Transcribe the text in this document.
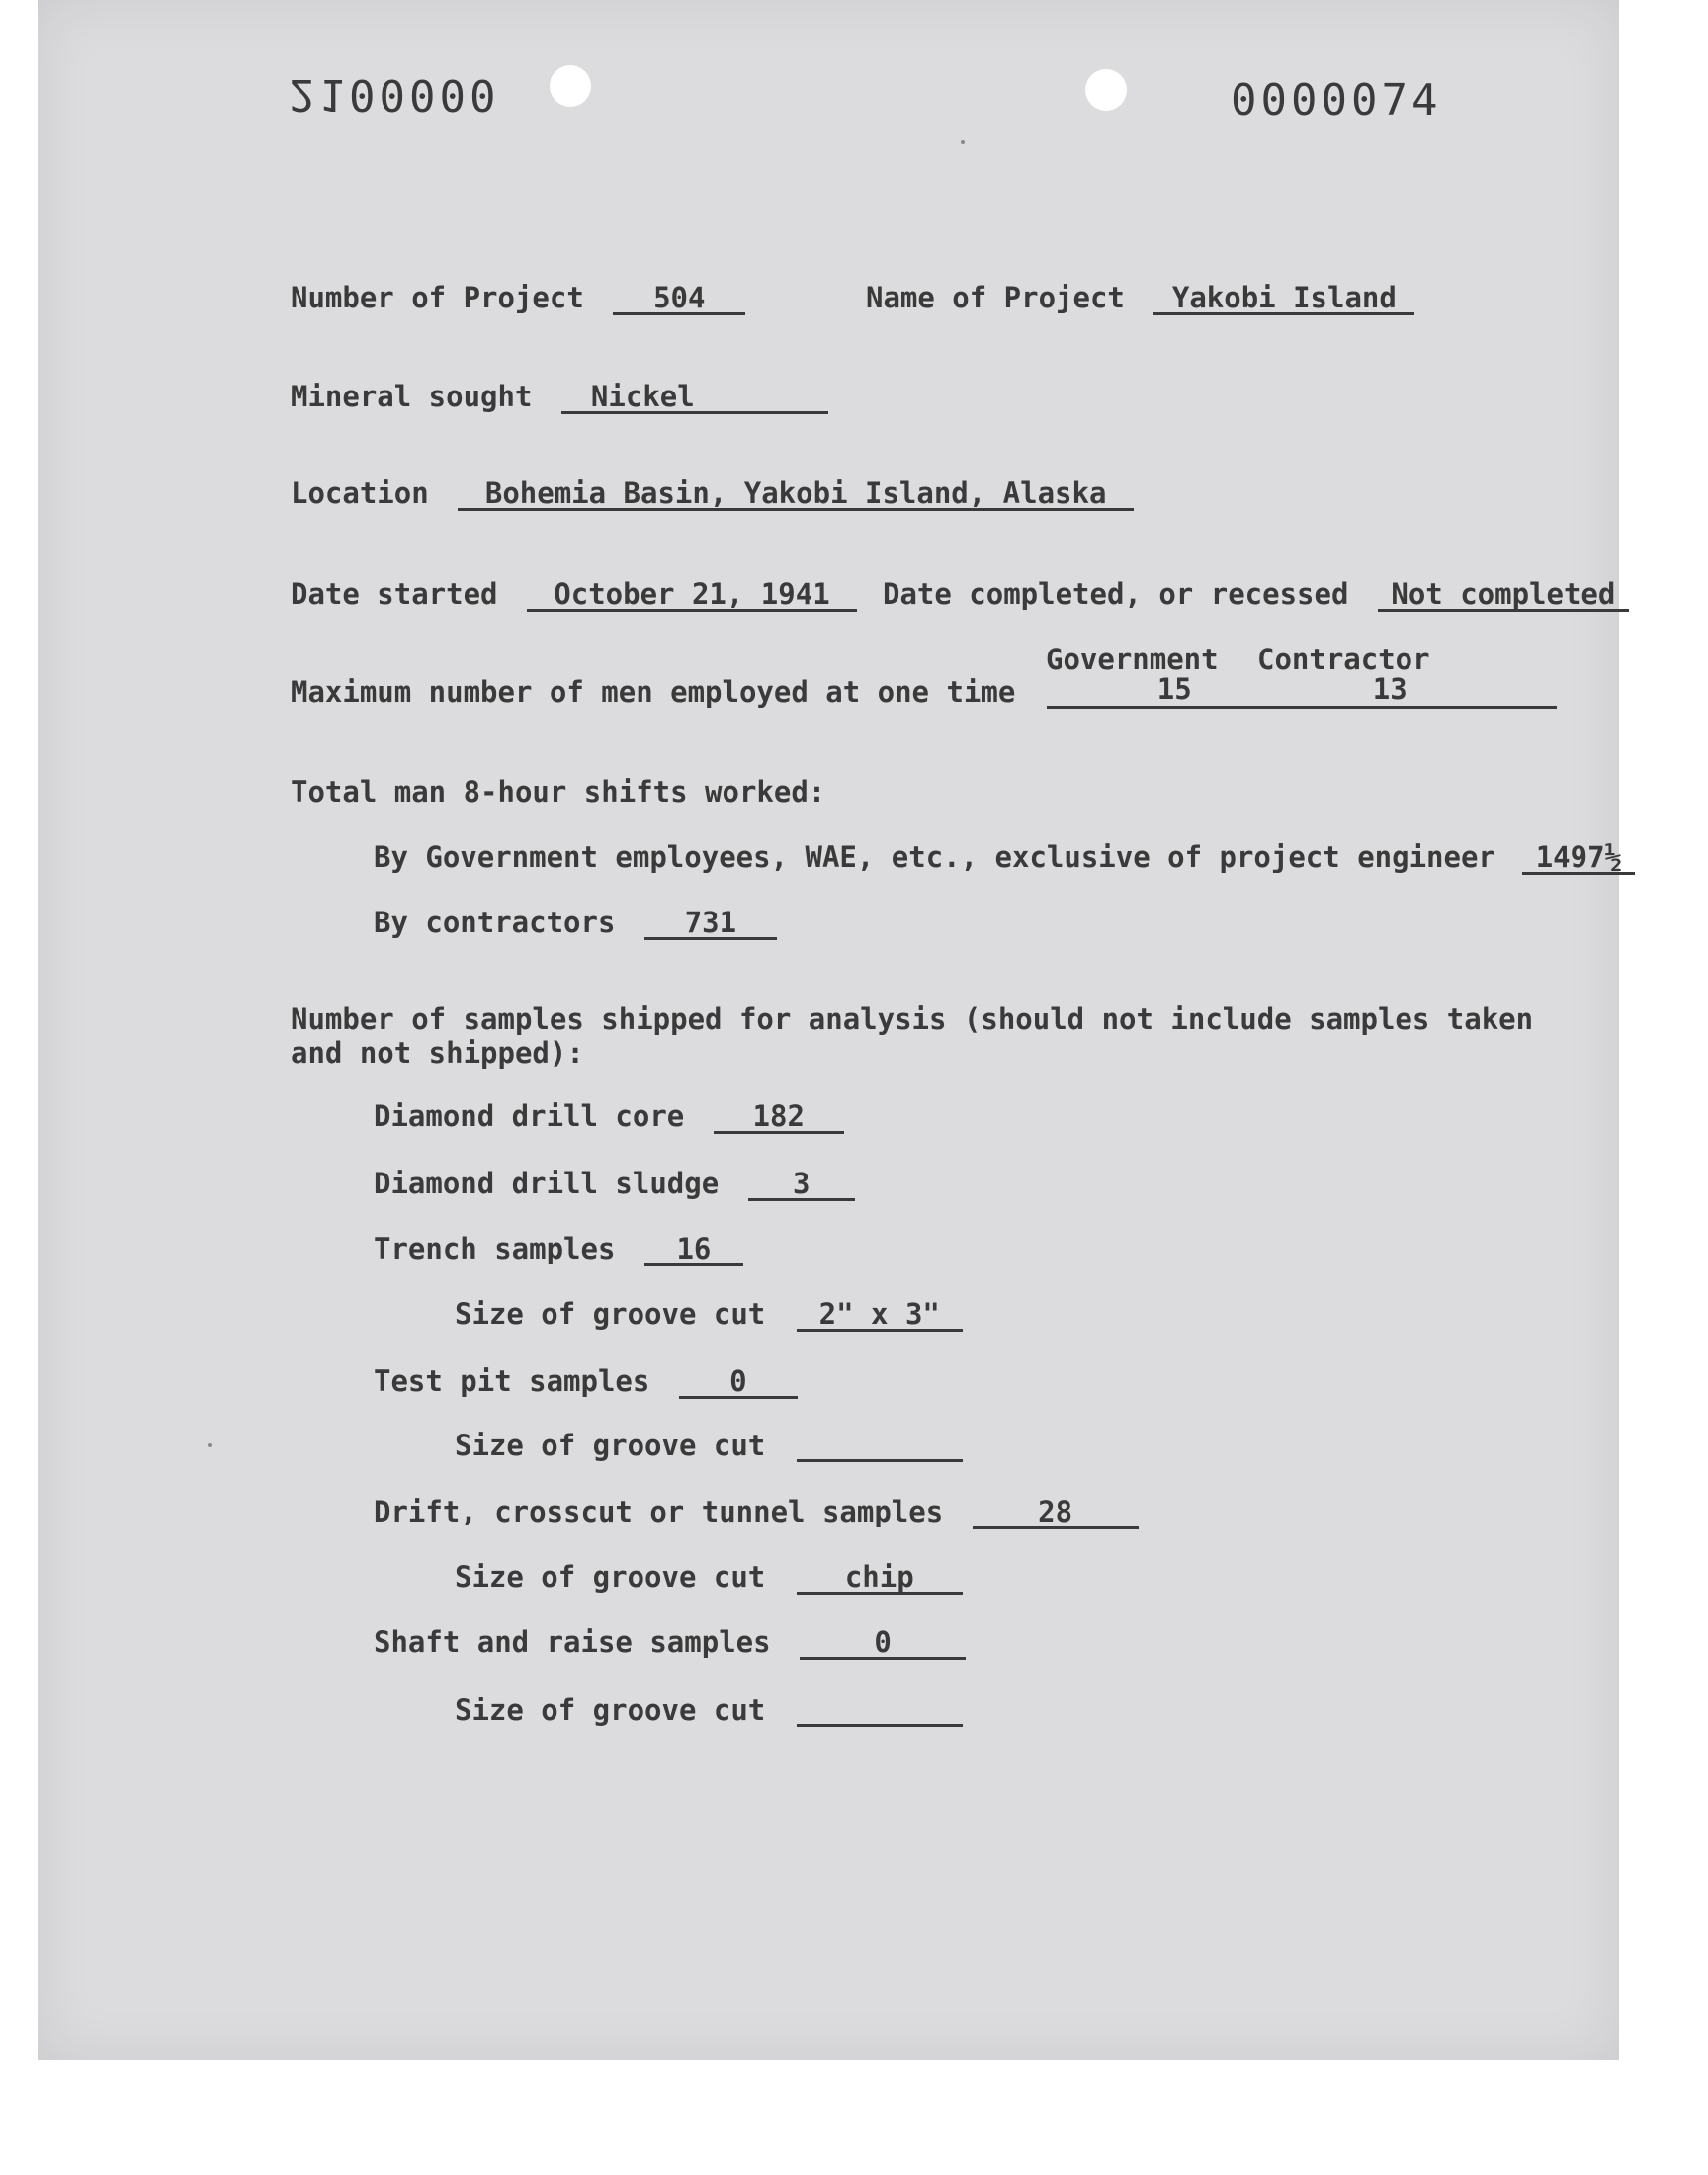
2100000	0000074
Number of Project 504	Name of Project Yakobi Island
Mineral sought Nickel
Location Bohemia Basin, Yakobi Island, Alaska
Date started October 21, 1941	Date completed, or recessed Not completed
Government Contractor
Maximum number of men employed at one time	15	13
Total man 8-hour shifts worked:
By Government employees, WAE, etc., exclusive of project engineer 1497½
By contractors 731
Number of samples shipped for analysis (should not include samples taken
and not shipped):
Diamond drill core 182
Diamond drill sludge	3
Trench samples 16
Size of groove cut 2" x 3"
Test pit samples	0
Size of groove cut
Drift, crosscut or tunnel samples	28
Size of groove cut	chip
Shaft and raise samples	0
Size of groove cut
